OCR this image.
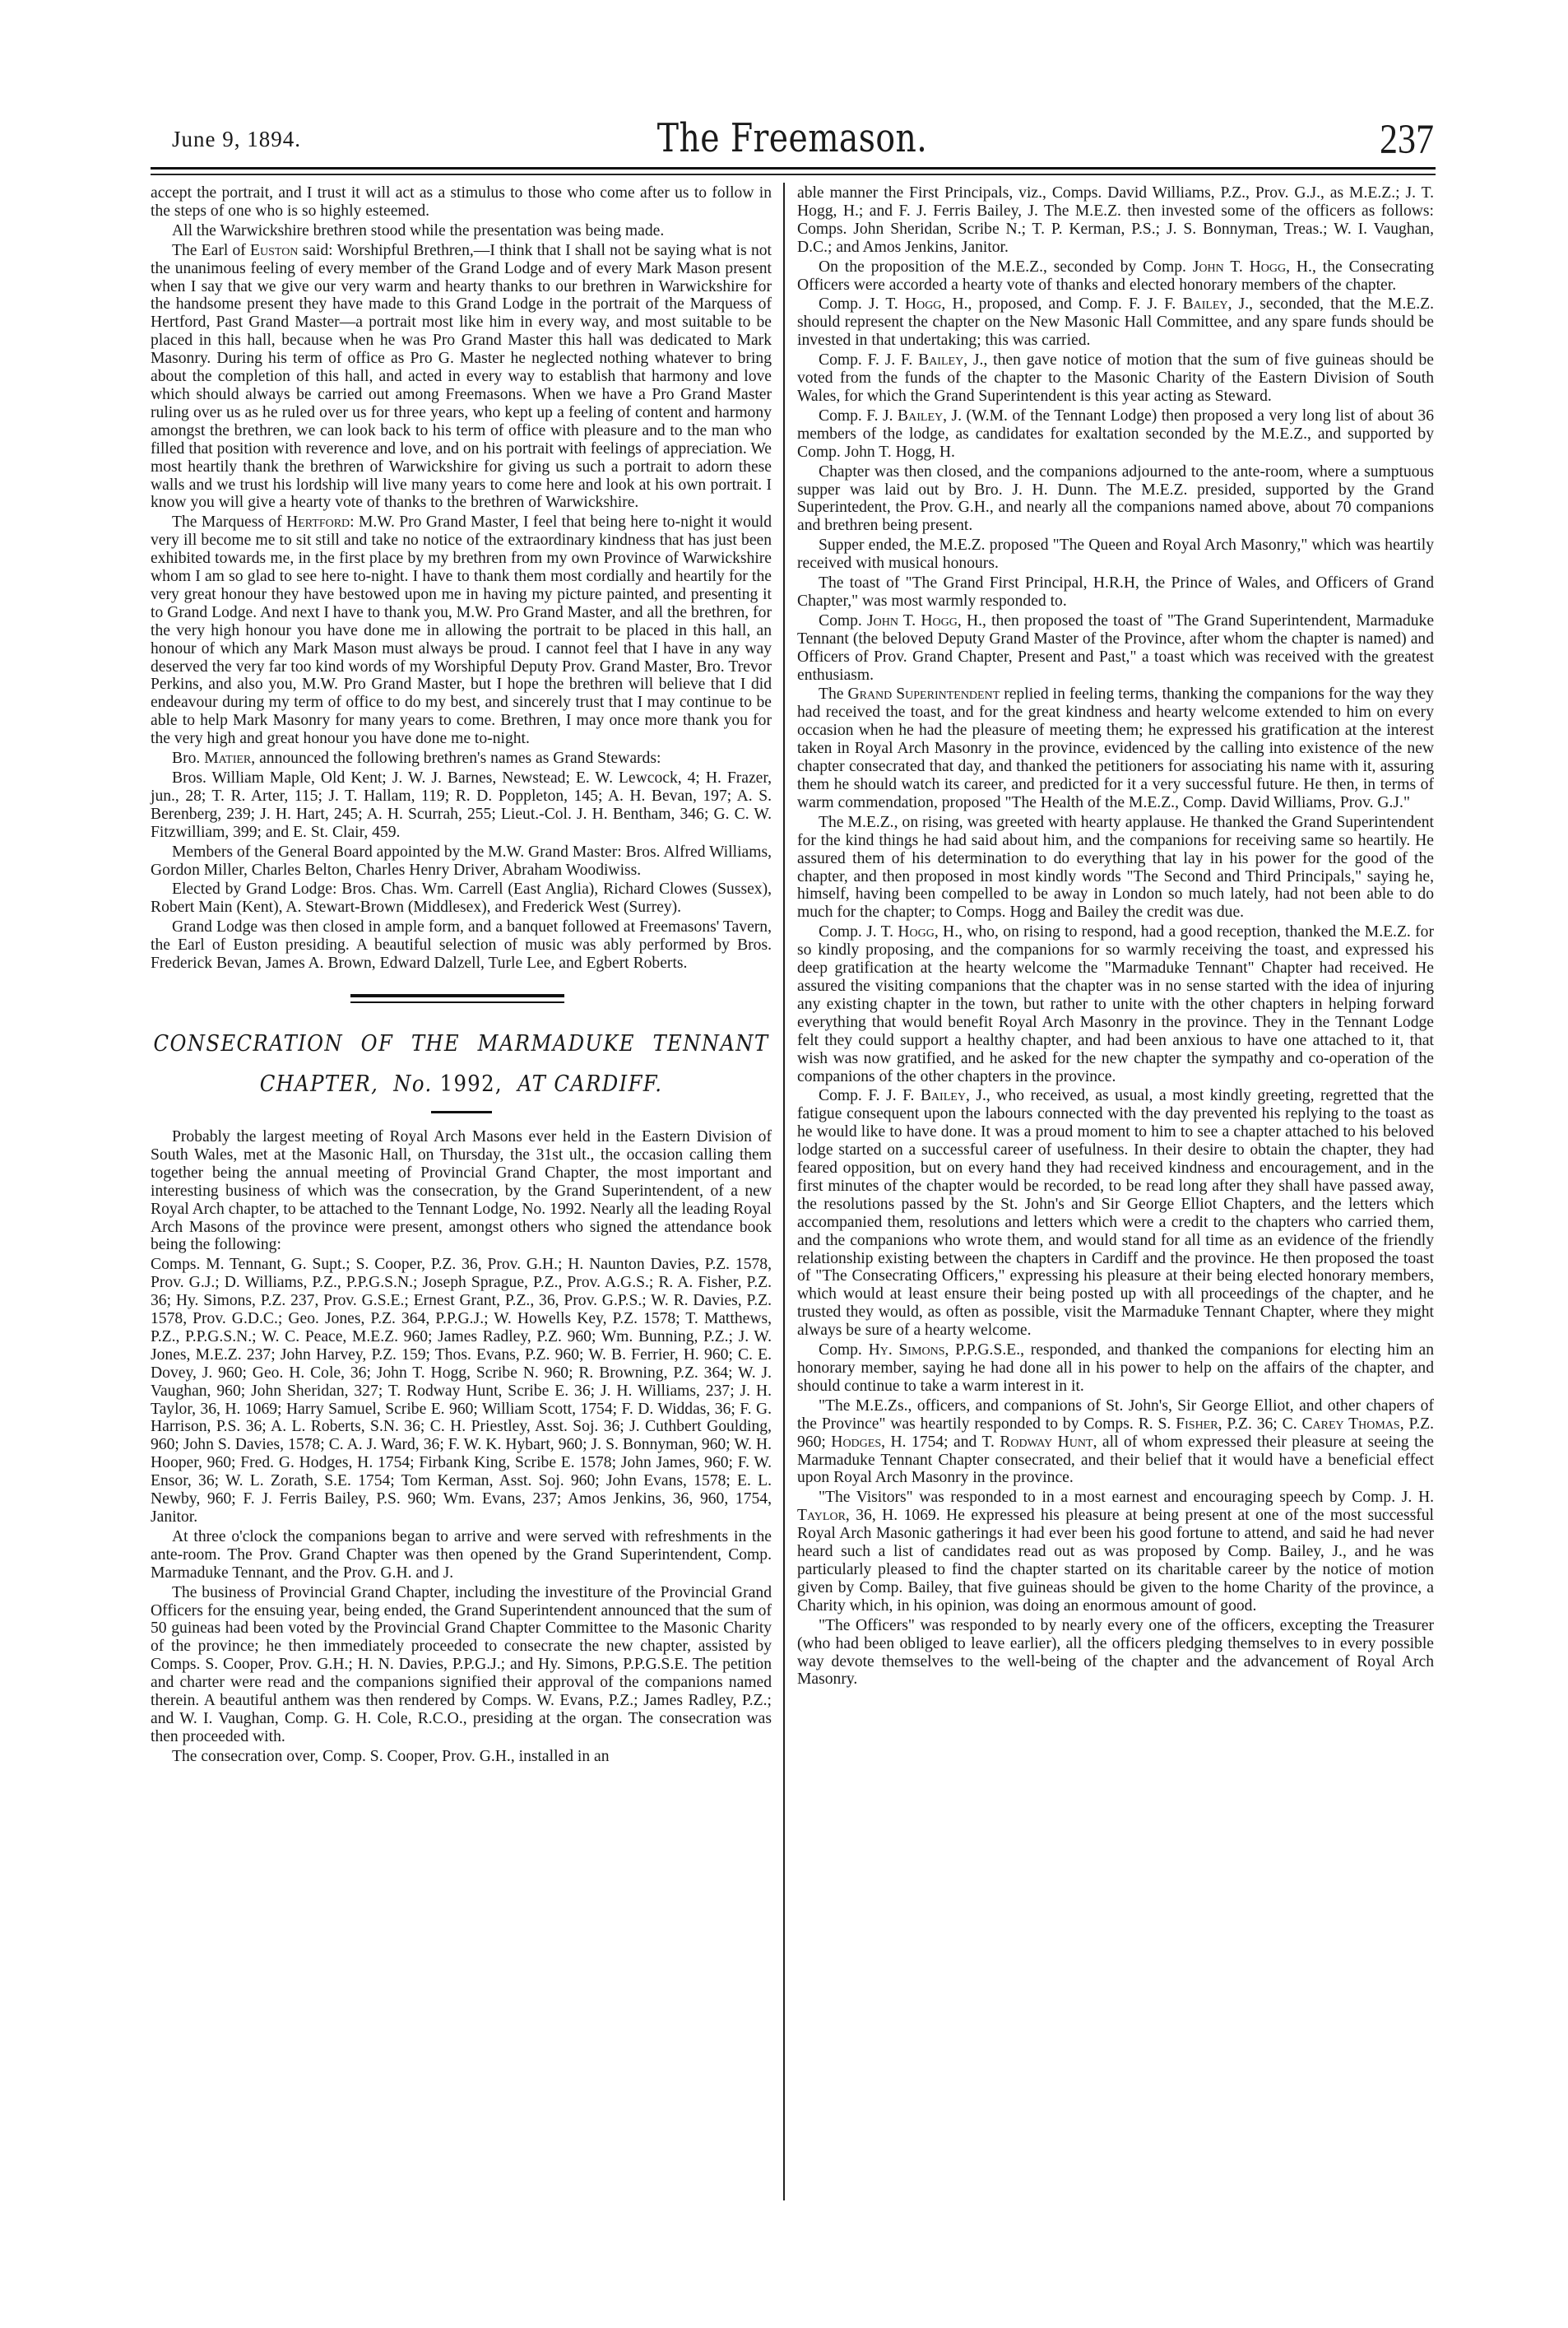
June 9, 1894.	The Freemason.	237

accept the portrait, and I trust it will act as a stimulus to those who come after us to follow in the steps of one who is so highly esteemed.

All the Warwickshire brethren stood while the presentation was being made.

The Earl of Euston said: Worshipful Brethren,—I think that I shall not be saying what is not the unanimous feeling of every member of the Grand Lodge and of every Mark Mason present when I say that we give our very warm and hearty thanks to our brethren in Warwickshire for the handsome present they have made to this Grand Lodge in the portrait of the Marquess of Hertford, Past Grand Master—a portrait most like him in every way, and most suitable to be placed in this hall, because when he was Pro Grand Master this hall was dedicated to Mark Masonry. During his term of office as Pro G. Master he neglected nothing whatever to bring about the completion of this hall, and acted in every way to establish that harmony and love which should always be carried out among Freemasons. When we have a Pro Grand Master ruling over us as he ruled over us for three years, who kept up a feeling of content and harmony amongst the brethren, we can look back to his term of office with pleasure and to the man who filled that position with reverence and love, and on his portrait with feelings of appreciation. We most heartily thank the brethren of Warwickshire for giving us such a portrait to adorn these walls and we trust his lordship will live many years to come here and look at his own portrait. I know you will give a hearty vote of thanks to the brethren of Warwickshire.

The Marquess of Hertford: M.W. Pro Grand Master, I feel that being here to-night it would very ill become me to sit still and take no notice of the extraordinary kindness that has just been exhibited towards me, in the first place by my brethren from my own Province of Warwickshire whom I am so glad to see here to-night. I have to thank them most cordially and heartily for the very great honour they have bestowed upon me in having my picture painted, and presenting it to Grand Lodge. And next I have to thank you, M.W. Pro Grand Master, and all the brethren, for the very high honour you have done me in allowing the portrait to be placed in this hall, an honour of which any Mark Mason must always be proud. I cannot feel that I have in any way deserved the very far too kind words of my Worshipful Deputy Prov. Grand Master, Bro. Trevor Perkins, and also you, M.W. Pro Grand Master, but I hope the brethren will believe that I did endeavour during my term of office to do my best, and sincerely trust that I may continue to be able to help Mark Masonry for many years to come. Brethren, I may once more thank you for the very high and great honour you have done me to-night.

Bro. Matier, announced the following brethren's names as Grand Stewards:

Bros. William Maple, Old Kent; J. W. J. Barnes, Newstead; E. W. Lewcock, 4; H. Frazer, jun., 28; T. R. Arter, 115; J. T. Hallam, 119; R. D. Poppleton, 145; A. H. Bevan, 197; A. S. Berenberg, 239; J. H. Hart, 245; A. H. Scurrah, 255; Lieut.-Col. J. H. Bentham, 346; G. C. W. Fitzwilliam, 399; and E. St. Clair, 459.

Members of the General Board appointed by the M.W. Grand Master: Bros. Alfred Williams, Gordon Miller, Charles Belton, Charles Henry Driver, Abraham Woodiwiss.

Elected by Grand Lodge: Bros. Chas. Wm. Carrell (East Anglia), Richard Clowes (Sussex), Robert Main (Kent), A. Stewart-Brown (Middlesex), and Frederick West (Surrey).

Grand Lodge was then closed in ample form, and a banquet followed at Freemasons' Tavern, the Earl of Euston presiding. A beautiful selection of music was ably performed by Bros. Frederick Bevan, James A. Brown, Edward Dalzell, Turle Lee, and Egbert Roberts.

CONSECRATION OF THE MARMADUKE TENNANT
CHAPTER, No. 1992, AT CARDIFF.

Probably the largest meeting of Royal Arch Masons ever held in the Eastern Division of South Wales, met at the Masonic Hall, on Thursday, the 31st ult., the occasion calling them together being the annual meeting of Provincial Grand Chapter, the most important and interesting business of which was the consecration, by the Grand Superintendent, of a new Royal Arch chapter, to be attached to the Tennant Lodge, No. 1992. Nearly all the leading Royal Arch Masons of the province were present, amongst others who signed the attendance book being the following:

Comps. M. Tennant, G. Supt.; S. Cooper, P.Z. 36, Prov. G.H.; H. Naunton Davies, P.Z. 1578, Prov. G.J.; D. Williams, P.Z., P.P.G.S.N.; Joseph Sprague, P.Z., Prov. A.G.S.; R. A. Fisher, P.Z. 36; Hy. Simons, P.Z. 237, Prov. G.S.E.; Ernest Grant, P.Z., 36, Prov. G.P.S.; W. R. Davies, P.Z. 1578, Prov. G.D.C.; Geo. Jones, P.Z. 364, P.P.G.J.; W. Howells Key, P.Z. 1578; T. Matthews, P.Z., P.P.G.S.N.; W. C. Peace, M.E.Z. 960; James Radley, P.Z. 960; Wm. Bunning, P.Z.; J. W. Jones, M.E.Z. 237; John Harvey, P.Z. 159; Thos. Evans, P.Z. 960; W. B. Ferrier, H. 960; C. E. Dovey, J. 960; Geo. H. Cole, 36; John T. Hogg, Scribe N. 960; R. Browning, P.Z. 364; W. J. Vaughan, 960; John Sheridan, 327; T. Rodway Hunt, Scribe E. 36; J. H. Williams, 237; J. H. Taylor, 36, H. 1069; Harry Samuel, Scribe E. 960; William Scott, 1754; F. D. Widdas, 36; F. G. Harrison, P.S. 36; A. L. Roberts, S.N. 36; C. H. Priestley, Asst. Soj. 36; J. Cuthbert Goulding, 960; John S. Davies, 1578; C. A. J. Ward, 36; F. W. K. Hybart, 960; J. S. Bonnyman, 960; W. H. Hooper, 960; Fred. G. Hodges, H. 1754; Firbank King, Scribe E. 1578; John James, 960; F. W. Ensor, 36; W. L. Zorath, S.E. 1754; Tom Kerman, Asst. Soj. 960; John Evans, 1578; E. L. Newby, 960; F. J. Ferris Bailey, P.S. 960; Wm. Evans, 237; Amos Jenkins, 36, 960, 1754, Janitor.

At three o'clock the companions began to arrive and were served with refreshments in the ante-room. The Prov. Grand Chapter was then opened by the Grand Superintendent, Comp. Marmaduke Tennant, and the Prov. G.H. and J.

The business of Provincial Grand Chapter, including the investiture of the Provincial Grand Officers for the ensuing year, being ended, the Grand Superintendent announced that the sum of 50 guineas had been voted by the Provincial Grand Chapter Committee to the Masonic Charity of the province; he then immediately proceeded to consecrate the new chapter, assisted by Comps. S. Cooper, Prov. G.H.; H. N. Davies, P.P.G.J.; and Hy. Simons, P.P.G.S.E. The petition and charter were read and the companions signified their approval of the companions named therein. A beautiful anthem was then rendered by Comps. W. Evans, P.Z.; James Radley, P.Z.; and W. I. Vaughan, Comp. G. H. Cole, R.C.O., presiding at the organ. The consecration was then proceeded with.

The consecration over, Comp. S. Cooper, Prov. G.H., installed in an

able manner the First Principals, viz., Comps. David Williams, P.Z., Prov. G.J., as M.E.Z.; J. T. Hogg, H.; and F. J. Ferris Bailey, J. The M.E.Z. then invested some of the officers as follows: Comps. John Sheridan, Scribe N.; T. P. Kerman, P.S.; J. S. Bonnyman, Treas.; W. I. Vaughan, D.C.; and Amos Jenkins, Janitor.

On the proposition of the M.E.Z., seconded by Comp. John T. Hogg, H., the Consecrating Officers were accorded a hearty vote of thanks and elected honorary members of the chapter.

Comp. J. T. Hogg, H., proposed, and Comp. F. J. F. Bailey, J., seconded, that the M.E.Z. should represent the chapter on the New Masonic Hall Committee, and any spare funds should be invested in that undertaking; this was carried.

Comp. F. J. F. Bailey, J., then gave notice of motion that the sum of five guineas should be voted from the funds of the chapter to the Masonic Charity of the Eastern Division of South Wales, for which the Grand Superintendent is this year acting as Steward.

Comp. F. J. Bailey, J. (W.M. of the Tennant Lodge) then proposed a very long list of about 36 members of the lodge, as candidates for exaltation seconded by the M.E.Z., and supported by Comp. John T. Hogg, H.

Chapter was then closed, and the companions adjourned to the ante-room, where a sumptuous supper was laid out by Bro. J. H. Dunn. The M.E.Z. presided, supported by the Grand Superintedent, the Prov. G.H., and nearly all the companions named above, about 70 companions and brethren being present.

Supper ended, the M.E.Z. proposed "The Queen and Royal Arch Masonry," which was heartily received with musical honours.

The toast of "The Grand First Principal, H.R.H, the Prince of Wales, and Officers of Grand Chapter," was most warmly responded to.

Comp. John T. Hogg, H., then proposed the toast of "The Grand Superintendent, Marmaduke Tennant (the beloved Deputy Grand Master of the Province, after whom the chapter is named) and Officers of Prov. Grand Chapter, Present and Past," a toast which was received with the greatest enthusiasm.

The Grand Superintendent replied in feeling terms, thanking the companions for the way they had received the toast, and for the great kindness and hearty welcome extended to him on every occasion when he had the pleasure of meeting them; he expressed his gratification at the interest taken in Royal Arch Masonry in the province, evidenced by the calling into existence of the new chapter consecrated that day, and thanked the petitioners for associating his name with it, assuring them he should watch its career, and predicted for it a very successful future. He then, in terms of warm commendation, proposed "The Health of the M.E.Z., Comp. David Williams, Prov. G.J."

The M.E.Z., on rising, was greeted with hearty applause. He thanked the Grand Superintendent for the kind things he had said about him, and the companions for receiving same so heartily. He assured them of his determination to do everything that lay in his power for the good of the chapter, and then proposed in most kindly words "The Second and Third Principals," saying he, himself, having been compelled to be away in London so much lately, had not been able to do much for the chapter; to Comps. Hogg and Bailey the credit was due.

Comp. J. T. Hogg, H., who, on rising to respond, had a good reception, thanked the M.E.Z. for so kindly proposing, and the companions for so warmly receiving the toast, and expressed his deep gratification at the hearty welcome the "Marmaduke Tennant" Chapter had received. He assured the visiting companions that the chapter was in no sense started with the idea of injuring any existing chapter in the town, but rather to unite with the other chapters in helping forward everything that would benefit Royal Arch Masonry in the province. They in the Tennant Lodge felt they could support a healthy chapter, and had been anxious to have one attached to it, that wish was now gratified, and he asked for the new chapter the sympathy and co-operation of the companions of the other chapters in the province.

Comp. F. J. F. Bailey, J., who received, as usual, a most kindly greeting, regretted that the fatigue consequent upon the labours connected with the day prevented his replying to the toast as he would like to have done. It was a proud moment to him to see a chapter attached to his beloved lodge started on a successful career of usefulness. In their desire to obtain the chapter, they had feared opposition, but on every hand they had received kindness and encouragement, and in the first minutes of the chapter would be recorded, to be read long after they shall have passed away, the resolutions passed by the St. John's and Sir George Elliot Chapters, and the letters which accompanied them, resolutions and letters which were a credit to the chapters who carried them, and the companions who wrote them, and would stand for all time as an evidence of the friendly relationship existing between the chapters in Cardiff and the province. He then proposed the toast of "The Consecrating Officers," expressing his pleasure at their being elected honorary members, which would at least ensure their being posted up with all proceedings of the chapter, and he trusted they would, as often as possible, visit the Marmaduke Tennant Chapter, where they might always be sure of a hearty welcome.

Comp. Hy. Simons, P.P.G.S.E., responded, and thanked the companions for electing him an honorary member, saying he had done all in his power to help on the affairs of the chapter, and should continue to take a warm interest in it.

"The M.E.Zs., officers, and companions of St. John's, Sir George Elliot, and other chapers of the Province" was heartily responded to by Comps. R. S. Fisher, P.Z. 36; C. Carey Thomas, P.Z. 960; Hodges, H. 1754; and T. Rodway Hunt, all of whom expressed their pleasure at seeing the Marmaduke Tennant Chapter consecrated, and their belief that it would have a beneficial effect upon Royal Arch Masonry in the province.

"The Visitors" was responded to in a most earnest and encouraging speech by Comp. J. H. Taylor, 36, H. 1069. He expressed his pleasure at being present at one of the most successful Royal Arch Masonic gatherings it had ever been his good fortune to attend, and said he had never heard such a list of candidates read out as was proposed by Comp. Bailey, J., and he was particularly pleased to find the chapter started on its charitable career by the notice of motion given by Comp. Bailey, that five guineas should be given to the home Charity of the province, a Charity which, in his opinion, was doing an enormous amount of good.

"The Officers" was responded to by nearly every one of the officers, excepting the Treasurer (who had been obliged to leave earlier), all the officers pledging themselves to in every possible way devote themselves to the well-being of the chapter and the advancement of Royal Arch Masonry.
